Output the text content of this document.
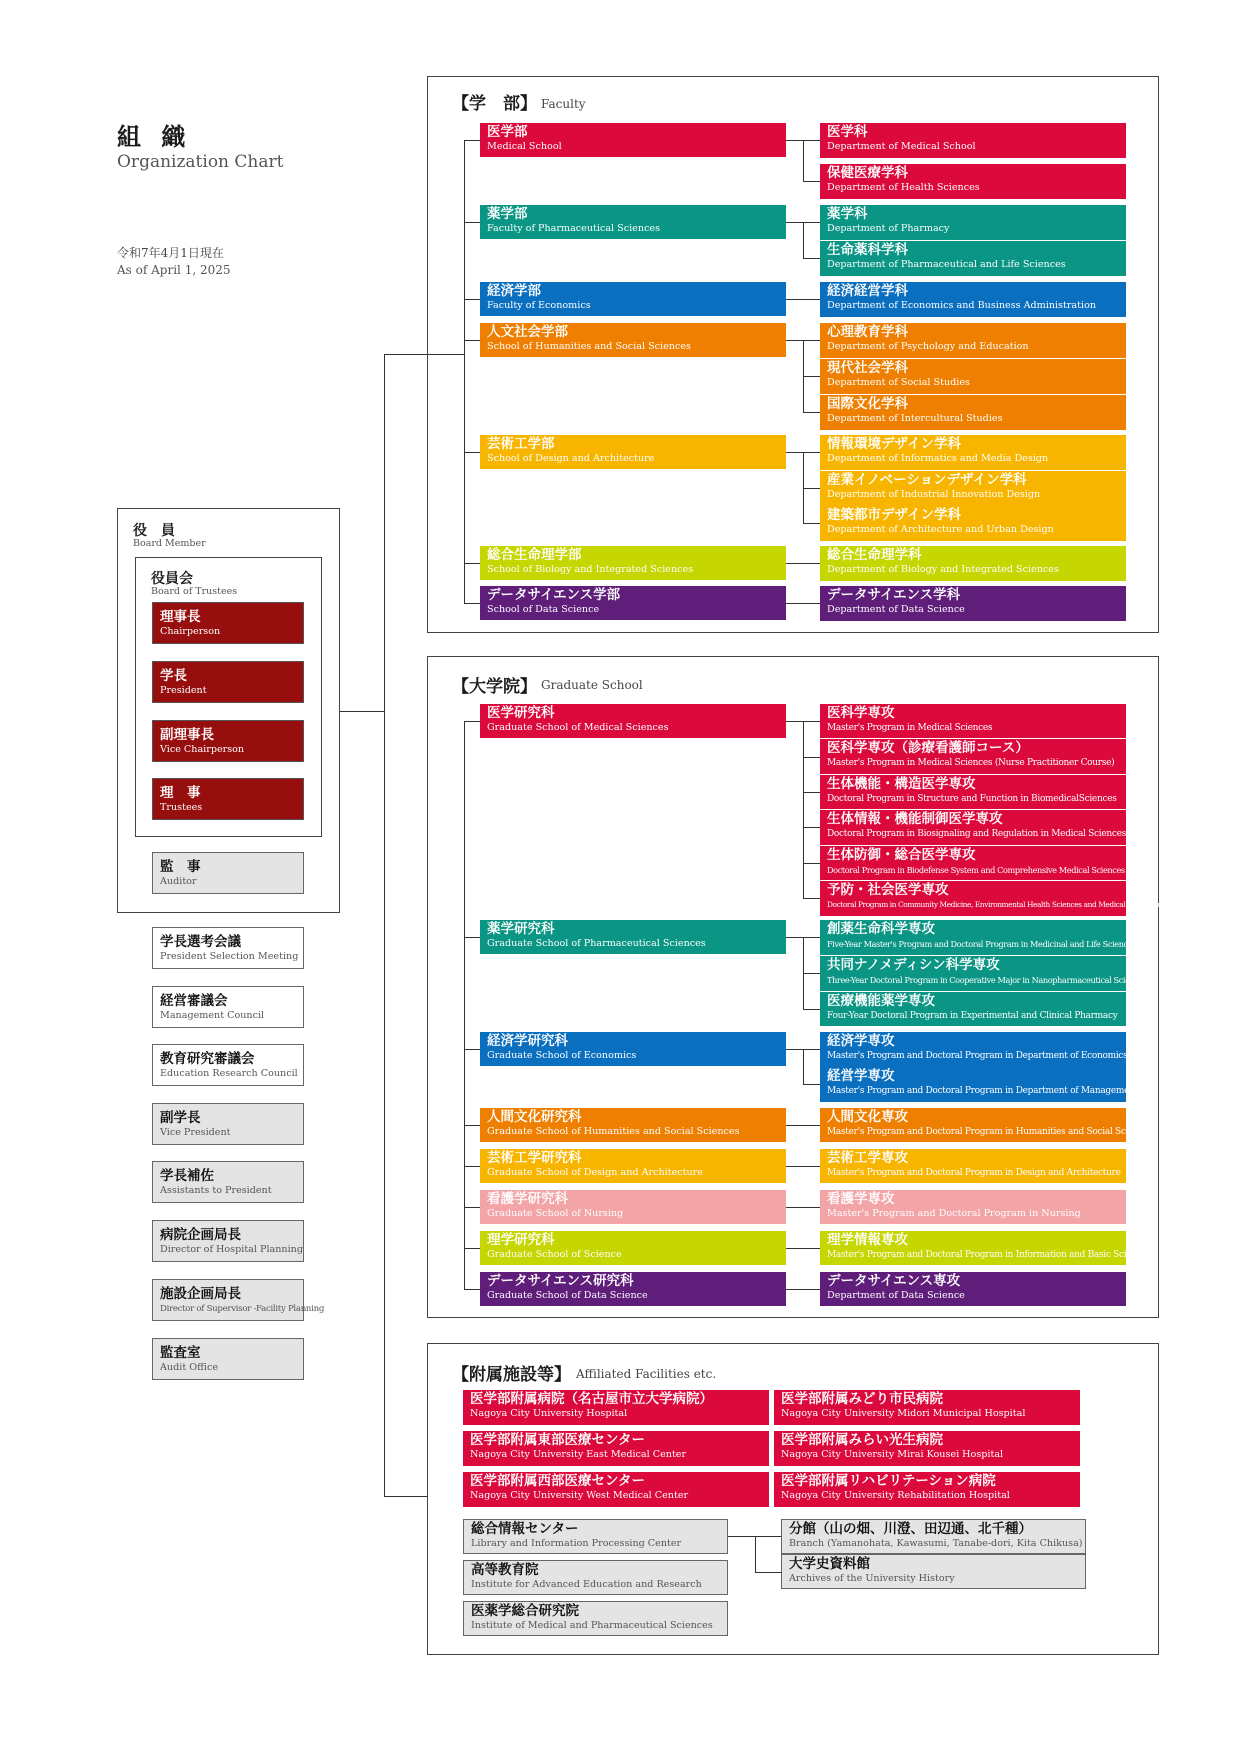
組 織
Organization Chart
令和7年4月1日現在
As of April 1, 2025
役　員
Board Member
役員会
Board of Trustees
理事長
Chairperson
学長
President
副理事長
Vice Chairperson
理　事
Trustees
監　事
Auditor
学長選考会議
President Selection Meeting
経営審議会
Management Council
教育研究審議会
Education Research Council
副学長
Vice President
学長補佐
Assistants to President
病院企画局長
Director of Hospital Planning
施設企画局長
Director of Supervisor -Facility Planning
監査室
Audit Office
【学　部】 Faculty
医学部
Medical School
薬学部
Faculty of Pharmaceutical Sciences
経済学部
Faculty of Economics
人文社会学部
School of Humanities and Social Sciences
芸術工学部
School of Design and Architecture
総合生命理学部
School of Biology and Integrated Sciences
データサイエンス学部
School of Data Science
医学科
Department of Medical School
保健医療学科
Department of Health Sciences
薬学科
Department of Pharmacy
生命薬科学科
Department of Pharmaceutical and Life Sciences
経済経営学科
Department of Economics and Business Administration
心理教育学科
Department of Psychology and Education
現代社会学科
Department of Social Studies
国際文化学科
Department of Intercultural Studies
情報環境デザイン学科
Department of Informatics and Media Design
産業イノベーションデザイン学科
Department of Industrial Innovation Design
建築都市デザイン学科
Department of Architecture and Urban Design
総合生命理学科
Department of Biology and Integrated Sciences
データサイエンス学科
Department of Data Science
【大学院】 Graduate School
医学研究科
Graduate School of Medical Sciences
薬学研究科
Graduate School of Pharmaceutical Sciences
経済学研究科
Graduate School of Economics
人間文化研究科
Graduate School of Humanities and Social Sciences
芸術工学研究科
Graduate School of Design and Architecture
看護学研究科
Graduate School of Nursing
理学研究科
Graduate School of Science
データサイエンス研究科
Graduate School of Data Science
医科学専攻
Master's Program in Medical Sciences
医科学専攻（診療看護師コース）
Master's Program in Medical Sciences (Nurse Practitioner Course)
生体機能・構造医学専攻
Doctoral Program in Structure and Function in BiomedicalSciences
生体情報・機能制御医学専攻
Doctoral Program in Biosignaling and Regulation in Medical Sciences
生体防御・総合医学専攻
Doctoral Program in Biodefense System and Comprehensive Medical Sciences
予防・社会医学専攻
Doctoral Program in Community Medicine, Environmental Health Sciences and Medical Education
創薬生命科学専攻
Five-Year Master's Program and Doctoral Program in Medicinal and Life Sciences
共同ナノメディシン科学専攻
Three-Year Doctoral Program in Cooperative Major in Nanopharmaceutical Sciences
医療機能薬学専攻
Four-Year Doctoral Program in Experimental and Clinical Pharmacy
経済学専攻
Master's Program and Doctoral Program in Department of Economics
経営学専攻
Master's Program and Doctoral Program in Department of Management
人間文化専攻
Master's Program and Doctoral Program in Humanities and Social Sciences
芸術工学専攻
Master's Program and Doctoral Program in Design and Architecture
看護学専攻
Master's Program and Doctoral Program in Nursing
理学情報専攻
Master's Program and Doctoral Program in Information and Basic Science
データサイエンス専攻
Department of Data Science
【附属施設等】 Affiliated Facilities etc.
医学部附属病院（名古屋市立大学病院）
Nagoya City University Hospital
医学部附属みどり市民病院
Nagoya City University Midori Municipal Hospital
医学部附属東部医療センター
Nagoya City University East Medical Center
医学部附属みらい光生病院
Nagoya City University Mirai Kousei Hospital
医学部附属西部医療センター
Nagoya City University West Medical Center
医学部附属リハビリテーション病院
Nagoya City University Rehabilitation Hospital
総合情報センター
Library and Information Processing Center
高等教育院
Institute for Advanced Education and Research
医薬学総合研究院
Institute of Medical and Pharmaceutical Sciences
分館（山の畑、川澄、田辺通、北千種）
Branch (Yamanohata, Kawasumi, Tanabe-dori, Kita Chikusa)
大学史資料館
Archives of the University History
